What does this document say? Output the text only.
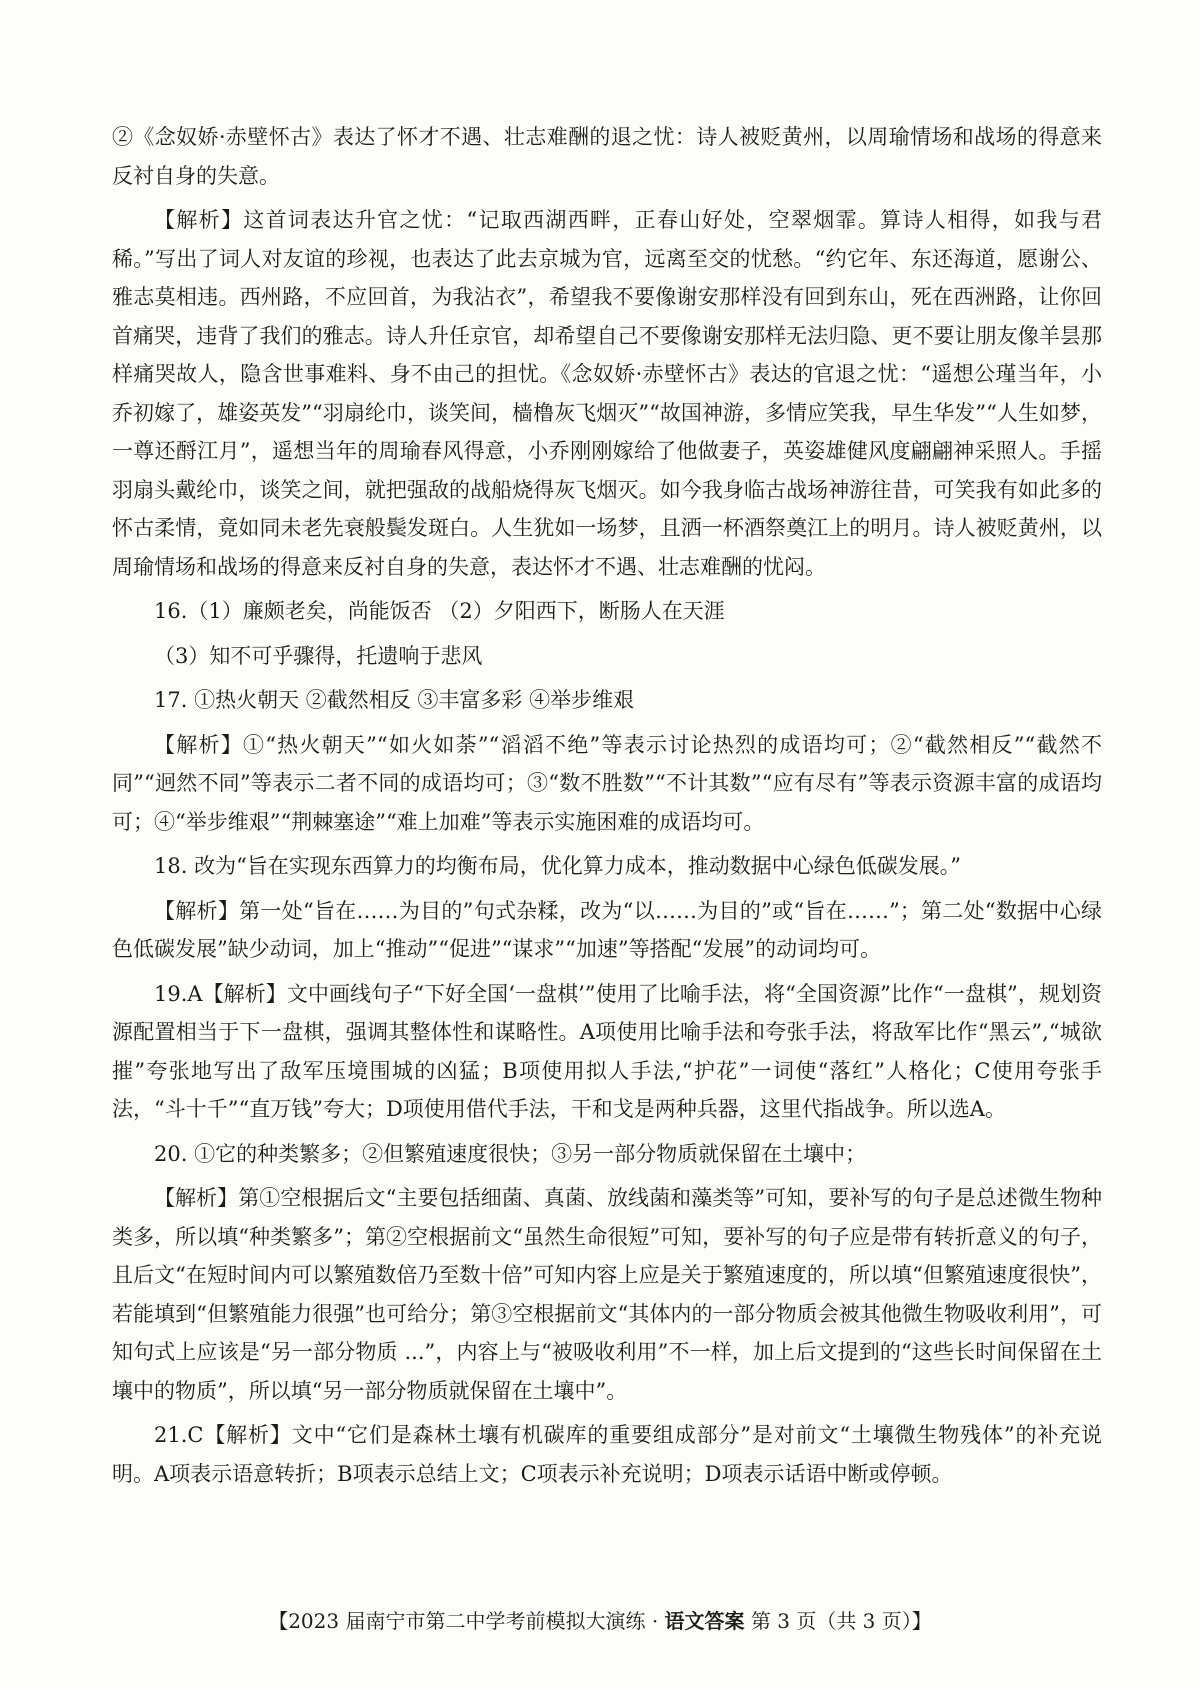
②《念奴娇·赤壁怀古》表达了怀才不遇、壮志难酬的退之忧：诗人被贬黄州，以周瑜情场和战场的得意来反衬自身的失意。

【解析】这首词表达升官之忧：“记取西湖西畔，正春山好处，空翠烟霏。算诗人相得，如我与君稀。”写出了词人对友谊的珍视，也表达了此去京城为官，远离至交的忧愁。“约它年、东还海道，愿谢公、雅志莫相违。西州路，不应回首，为我沾衣”，希望我不要像谢安那样没有回到东山，死在西洲路，让你回首痛哭，违背了我们的雅志。诗人升任京官，却希望自己不要像谢安那样无法归隐、更不要让朋友像羊昙那样痛哭故人，隐含世事难料、身不由己的担忧。《念奴娇·赤壁怀古》表达的官退之忧：“遥想公瑾当年，小乔初嫁了，雄姿英发”“羽扇纶巾，谈笑间，樯橹灰飞烟灭”“故国神游，多情应笑我，早生华发”“人生如梦，一尊还酹江月”，遥想当年的周瑜春风得意，小乔刚刚嫁给了他做妻子，英姿雄健风度翩翩神采照人。手摇羽扇头戴纶巾，谈笑之间，就把强敌的战船烧得灰飞烟灭。如今我身临古战场神游往昔，可笑我有如此多的怀古柔情，竟如同未老先衰般鬓发斑白。人生犹如一场梦，且洒一杯酒祭奠江上的明月。诗人被贬黄州，以周瑜情场和战场的得意来反衬自身的失意，表达怀才不遇、壮志难酬的忧闷。

16.（1）廉颇老矣，尚能饭否 （2）夕阳西下，断肠人在天涯

（3）知不可乎骤得，托遗响于悲风

17. ①热火朝天 ②截然相反 ③丰富多彩 ④举步维艰

【解析】①“热火朝天”“如火如荼”“滔滔不绝”等表示讨论热烈的成语均可；②“截然相反”“截然不同”“迥然不同”等表示二者不同的成语均可；③“数不胜数”“不计其数”“应有尽有”等表示资源丰富的成语均可；④“举步维艰”“荆棘塞途”“难上加难”等表示实施困难的成语均可。

18. 改为“旨在实现东西算力的均衡布局，优化算力成本，推动数据中心绿色低碳发展。”

【解析】第一处“旨在……为目的”句式杂糅，改为“以……为目的”或“旨在……”；第二处“数据中心绿色低碳发展”缺少动词，加上“推动”“促进”“谋求”“加速”等搭配“发展”的动词均可。

19.A【解析】文中画线句子“下好全国‘一盘棋’”使用了比喻手法，将“全国资源”比作“一盘棋”，规划资源配置相当于下一盘棋，强调其整体性和谋略性。A项使用比喻手法和夸张手法，将敌军比作“黑云”,“城欲摧”夸张地写出了敌军压境围城的凶猛；B项使用拟人手法,“护花”一词使“落红”人格化；C使用夸张手法，“斗十千”“直万钱”夸大；D项使用借代手法，干和戈是两种兵器，这里代指战争。所以选A。

20. ①它的种类繁多；②但繁殖速度很快；③另一部分物质就保留在土壤中；

【解析】第①空根据后文“主要包括细菌、真菌、放线菌和藻类等”可知，要补写的句子是总述微生物种类多，所以填“种类繁多”；第②空根据前文“虽然生命很短”可知，要补写的句子应是带有转折意义的句子，且后文“在短时间内可以繁殖数倍乃至数十倍”可知内容上应是关于繁殖速度的，所以填“但繁殖速度很快”，若能填到“但繁殖能力很强”也可给分；第③空根据前文“其体内的一部分物质会被其他微生物吸收利用”，可知句式上应该是“另一部分物质 ...”，内容上与“被吸收利用”不一样，加上后文提到的“这些长时间保留在土壤中的物质”，所以填“另一部分物质就保留在土壤中”。

21.C【解析】文中“它们是森林土壤有机碳库的重要组成部分”是对前文“土壤微生物残体”的补充说明。A项表示语意转折；B项表示总结上文；C项表示补充说明；D项表示话语中断或停顿。

【2023 届南宁市第二中学考前模拟大演练 · 语文答案 第 3 页（共 3 页）】
